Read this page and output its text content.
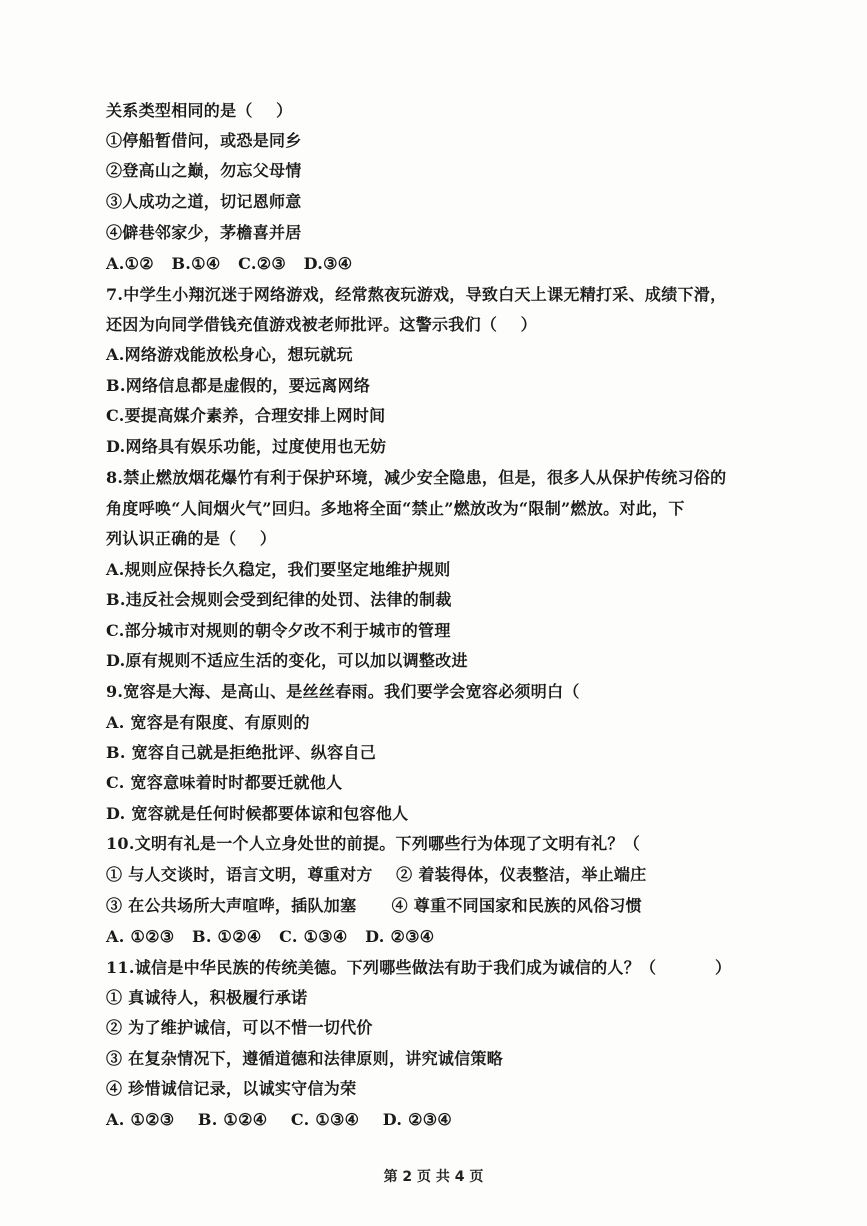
关系类型相同的是（    ）
①停船暂借问，或恐是同乡
②登高山之巅，勿忘父母情
③人成功之道，切记恩师意
④僻巷邻家少，茅檐喜并居
A.①②   B.①④   C.②③   D.③④
7.中学生小翔沉迷于网络游戏，经常熬夜玩游戏，导致白天上课无精打采、成绩下滑，
还因为向同学借钱充值游戏被老师批评。这警示我们（    ）
A.网络游戏能放松身心，想玩就玩
B.网络信息都是虚假的，要远离网络
C.要提高媒介素养，合理安排上网时间
D.网络具有娱乐功能，过度使用也无妨
8.禁止燃放烟花爆竹有利于保护环境，减少安全隐患，但是，很多人从保护传统习俗的
角度呼唤“人间烟火气”回归。多地将全面“禁止”燃放改为“限制”燃放。对此，下
列认识正确的是（    ）
A.规则应保持长久稳定，我们要坚定地维护规则
B.违反社会规则会受到纪律的处罚、法律的制裁
C.部分城市对规则的朝令夕改不利于城市的管理
D.原有规则不适应生活的变化，可以加以调整改进
9.宽容是大海、是高山、是丝丝春雨。我们要学会宽容必须明白（
A. 宽容是有限度、有原则的
B. 宽容自己就是拒绝批评、纵容自己
C. 宽容意味着时时都要迁就他人
D. 宽容就是任何时候都要体谅和包容他人
10.文明有礼是一个人立身处世的前提。下列哪些行为体现了文明有礼？（
① 与人交谈时，语言文明，尊重对方    ② 着装得体，仪表整洁，举止端庄
③ 在公共场所大声喧哗，插队加塞      ④ 尊重不同国家和民族的风俗习惯
A. ①②③   B. ①②④   C. ①③④   D. ②③④
11.诚信是中华民族的传统美德。下列哪些做法有助于我们成为诚信的人？（          ）
① 真诚待人，积极履行承诺
② 为了维护诚信，可以不惜一切代价
③ 在复杂情况下，遵循道德和法律原则，讲究诚信策略
④ 珍惜诚信记录，以诚实守信为荣
A. ①②③    B. ①②④    C. ①③④    D. ②③④
第 2 页 共 4 页
